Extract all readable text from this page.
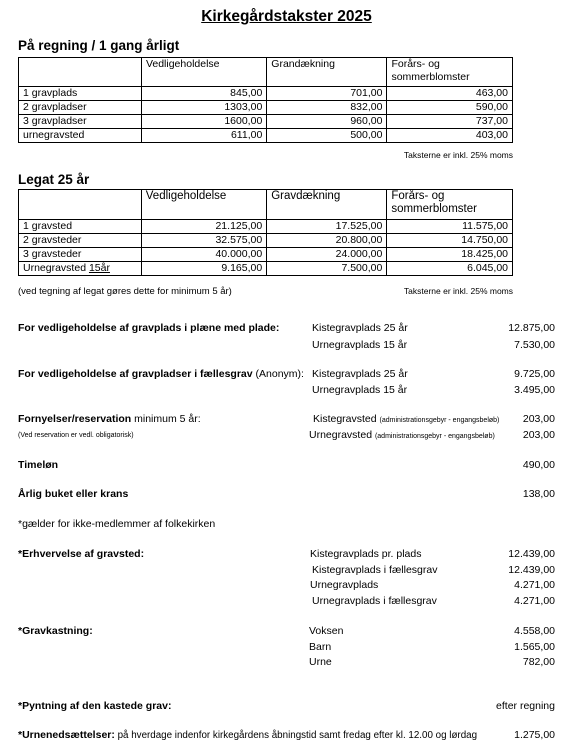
Kirkegårdstakster 2025
På regning / 1 gang årligt
	Vedligeholdelse	Grandækning	Forårs- og sommerblomster
1 gravplads	845,00	701,00	463,00
2 gravpladser	1303,00	832,00	590,00
3 gravpladser	1600,00	960,00	737,00
urnegravsted	611,00	500,00	403,00
Taksterne er inkl. 25% moms
Legat 25 år
	Vedligeholdelse	Gravdækning	Forårs- og sommerblomster
1 gravsted	21.125,00	17.525,00	11.575,00
2 gravsteder	32.575,00	20.800,00	14.750,00
3 gravsteder	40.000,00	24.000,00	18.425,00
Urnegravsted 15år	9.165,00	7.500,00	6.045,00
(ved tegning af legat gøres dette for minimum 5 år)	Taksterne er inkl. 25% moms
For vedligeholdelse af gravplads i plæne med plade:	Kistegravplads 25 år	12.875,00
Urnegravplads 15 år	7.530,00
For vedligeholdelse af gravpladser i fællesgrav (Anonym): Kistegravplads 25 år	9.725,00
Urnegravplads 15 år	3.495,00
Fornyelser/reservation minimum 5 år:
(Ved reservation er vedl. obligatorisk)
Kistegravsted (administrationsgebyr - engangsbeløb)	203,00
Urnegravsted (administrationsgebyr - engangsbeløb)	203,00
Timeløn	490,00
Årlig buket eller krans	138,00
*gælder for ikke-medlemmer af folkekirken
*Erhvervelse af gravsted:	Kistegravplads pr. plads	12.439,00
Kistegravplads i fællesgrav	12.439,00
Urnegravplads	4.271,00
Urnegravplads i fællesgrav	4.271,00
*Gravkastning:	Voksen	4.558,00
Barn	1.565,00
Urne	782,00
*Pyntning af den kastede grav:	efter regning
*Urnenedsættelser: på hverdage indenfor kirkegårdens åbningstid samt fredag efter kl. 12.00 og lørdag	1.275,00
